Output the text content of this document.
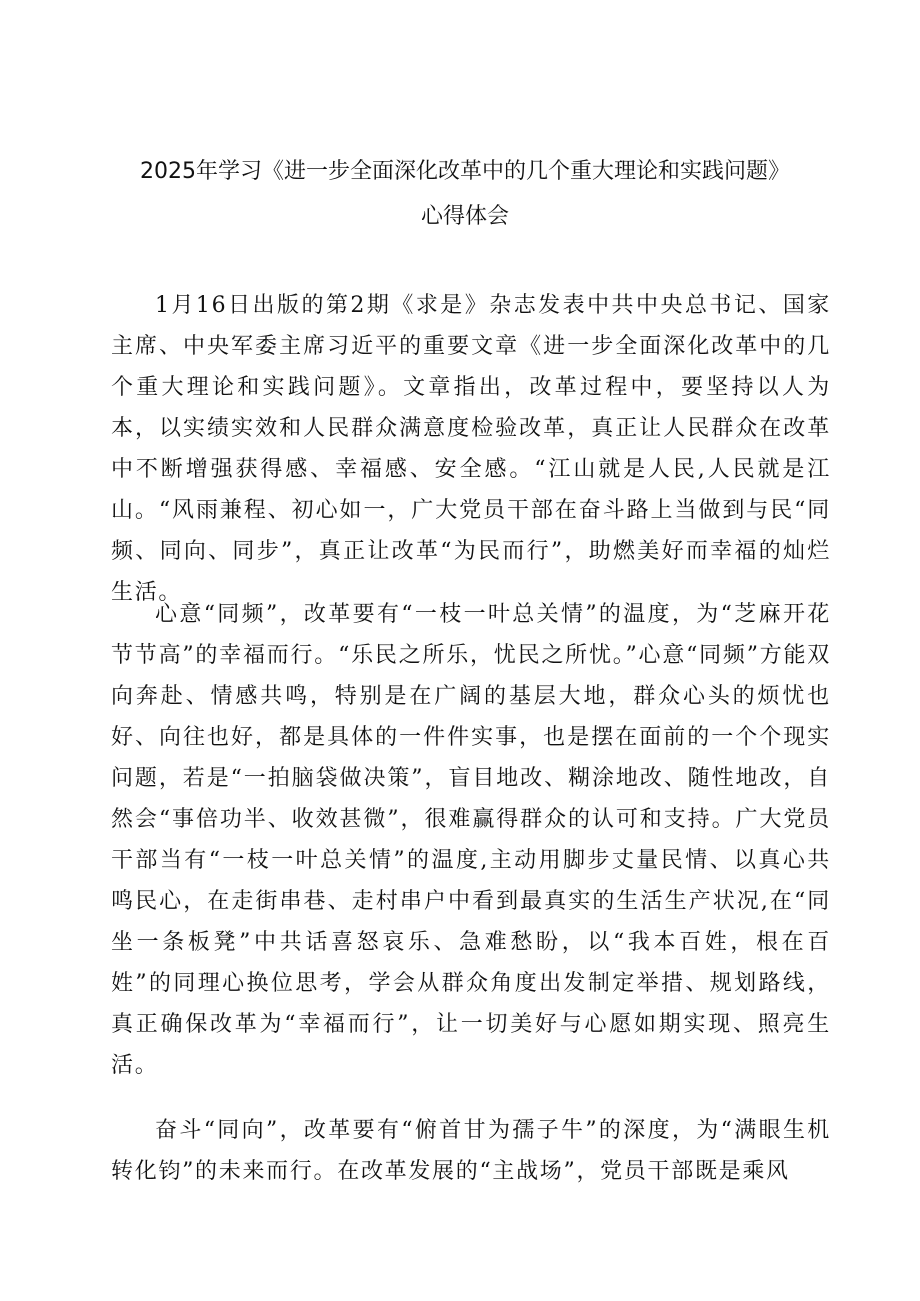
2025年学习《进一步全面深化改革中的几个重大理论和实践问题》
心得体会

1月16日出版的第2期《求是》杂志发表中共中央总书记、国家主席、中央军委主席习近平的重要文章《进一步全面深化改革中的几个重大理论和实践问题》。文章指出，改革过程中，要坚持以人为本，以实绩实效和人民群众满意度检验改革，真正让人民群众在改革中不断增强获得感、幸福感、安全感。“江山就是人民,人民就是江山。“风雨兼程、初心如一，广大党员干部在奋斗路上当做到与民“同频、同向、同步”，真正让改革“为民而行”，助燃美好而幸福的灿烂生活。

心意“同频”，改革要有“一枝一叶总关情”的温度，为“芝麻开花节节高”的幸福而行。“乐民之所乐，忧民之所忧。”心意“同频”方能双向奔赴、情感共鸣，特别是在广阔的基层大地，群众心头的烦忧也好、向往也好，都是具体的一件件实事，也是摆在面前的一个个现实问题，若是“一拍脑袋做决策”，盲目地改、糊涂地改、随性地改，自然会“事倍功半、收效甚微”，很难赢得群众的认可和支持。广大党员干部当有“一枝一叶总关情”的温度,主动用脚步丈量民情、以真心共鸣民心，在走街串巷、走村串户中看到最真实的生活生产状况,在“同坐一条板凳”中共话喜怒哀乐、急难愁盼，以“我本百姓，根在百姓”的同理心换位思考，学会从群众角度出发制定举措、规划路线，真正确保改革为“幸福而行”，让一切美好与心愿如期实现、照亮生活。

奋斗“同向”，改革要有“俯首甘为孺子牛”的深度，为“满眼生机转化钧”的未来而行。在改革发展的“主战场”，党员干部既是乘风
